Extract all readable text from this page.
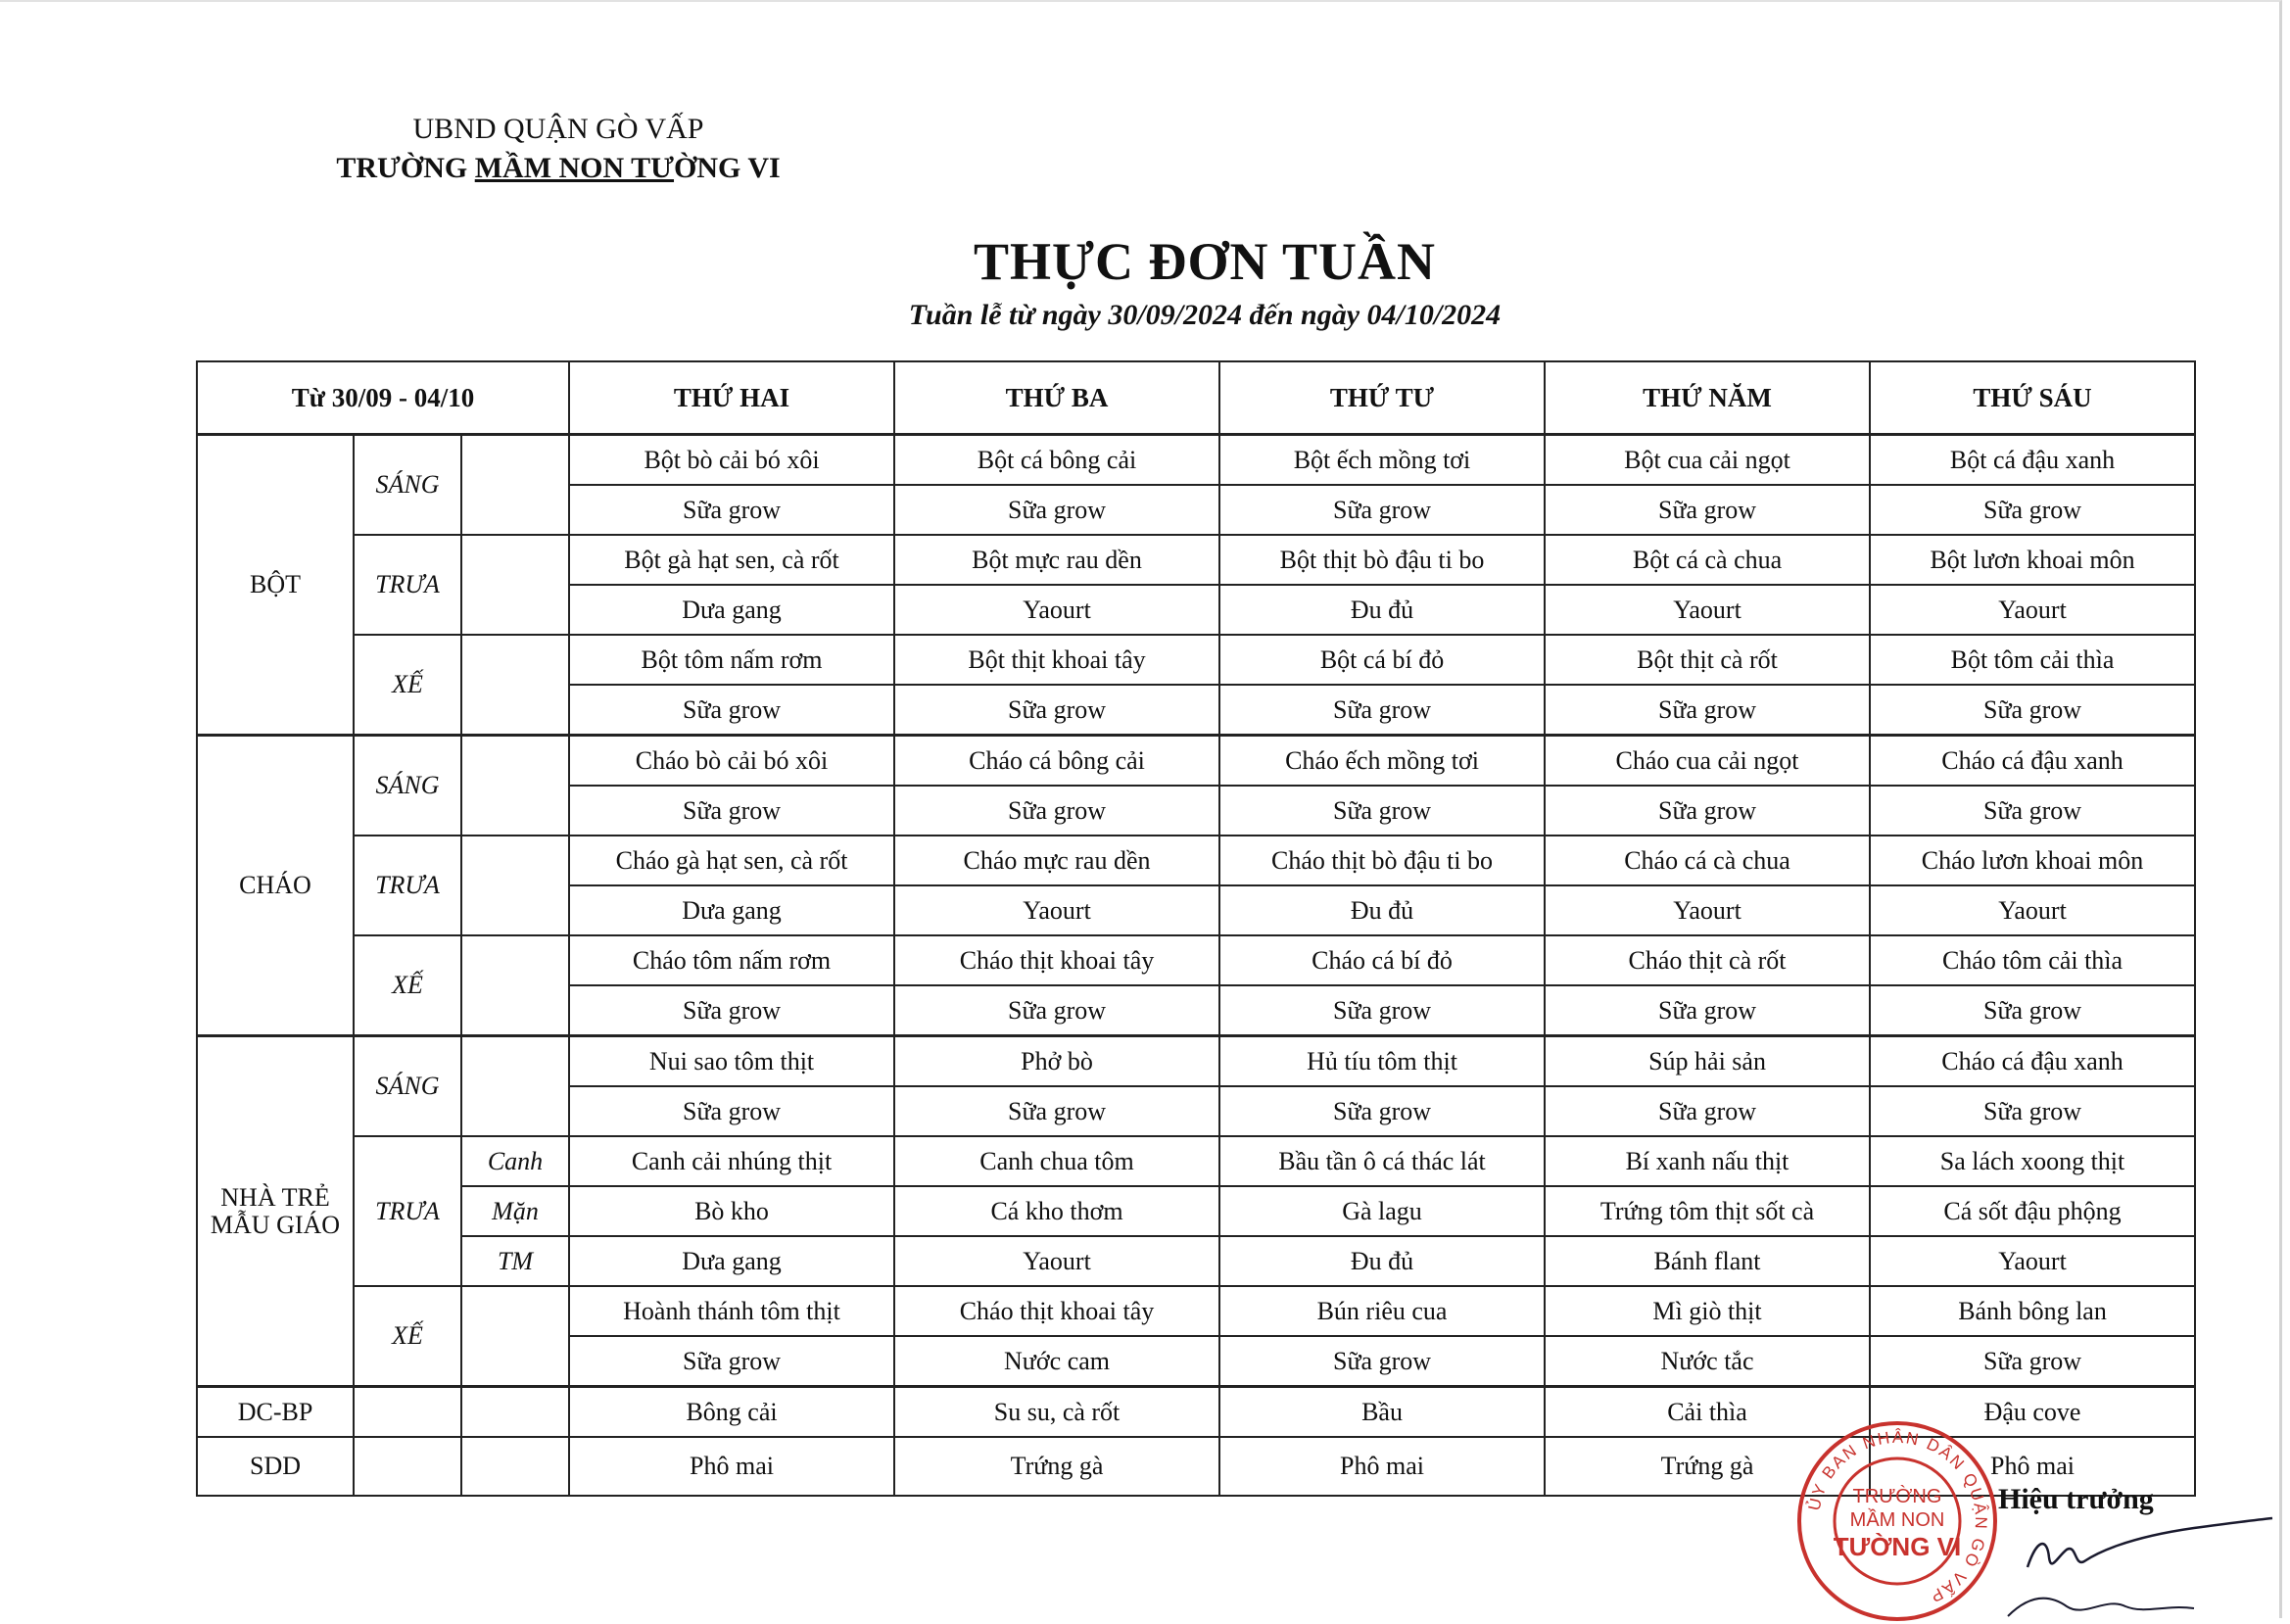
UBND QUẬN GÒ VẤP
TRƯỜNG MẦM NON TƯỜNG VI
THỰC ĐƠN TUẦN
Tuần lễ từ ngày 30/09/2024 đến ngày 04/10/2024
Từ 30/09 - 04/10			THỨ HAI	THỨ BA	THỨ TƯ	THỨ NĂM	THỨ SÁU
BỘT	SÁNG		Bột bò cải bó xôi	Bột cá bông cải	Bột ếch mồng tơi	Bột cua cải ngọt	Bột cá đậu xanh
			Sữa grow	Sữa grow	Sữa grow	Sữa grow	Sữa grow
	TRƯA		Bột gà hạt sen, cà rốt	Bột mực rau dền	Bột thịt bò đậu ti bo	Bột cá cà chua	Bột lươn khoai môn
			Dưa gang	Yaourt	Đu đủ	Yaourt	Yaourt
	XẾ		Bột tôm nấm rơm	Bột thịt khoai tây	Bột cá bí đỏ	Bột thịt cà rốt	Bột tôm cải thìa
			Sữa grow	Sữa grow	Sữa grow	Sữa grow	Sữa grow
CHÁO	SÁNG		Cháo bò cải bó xôi	Cháo cá bông cải	Cháo ếch mồng tơi	Cháo cua cải ngọt	Cháo cá đậu xanh
			Sữa grow	Sữa grow	Sữa grow	Sữa grow	Sữa grow
	TRƯA		Cháo gà hạt sen, cà rốt	Cháo mực rau dền	Cháo thịt bò đậu ti bo	Cháo cá cà chua	Cháo lươn khoai môn
			Dưa gang	Yaourt	Đu đủ	Yaourt	Yaourt
	XẾ		Cháo tôm nấm rơm	Cháo thịt khoai tây	Cháo cá bí đỏ	Cháo thịt cà rốt	Cháo tôm cải thìa
			Sữa grow	Sữa grow	Sữa grow	Sữa grow	Sữa grow
NHÀ TRẺ
MẪU GIÁO	SÁNG		Nui sao tôm thịt	Phở bò	Hủ tíu tôm thịt	Súp hải sản	Cháo cá đậu xanh
			Sữa grow	Sữa grow	Sữa grow	Sữa grow	Sữa grow
	TRƯA	Canh	Canh cải nhúng thịt	Canh chua tôm	Bầu tần ô cá thác lát	Bí xanh nấu thịt	Sa lách xoong thịt
		Mặn	Bò kho	Cá kho thơm	Gà lagu	Trứng tôm thịt sốt cà	Cá sốt đậu phộng
		TM	Dưa gang	Yaourt	Đu đủ	Bánh flant	Yaourt
	XẾ		Hoành thánh tôm thịt	Cháo thịt khoai tây	Bún riêu cua	Mì giò thịt	Bánh bông lan
			Sữa grow	Nước cam	Sữa grow	Nước tắc	Sữa grow
DC-BP			Bông cải	Su su, cà rốt	Bầu	Cải thìa	Đậu cove
SDD			Phô mai	Trứng gà	Phô mai	Trứng gà	Phô mai
ỦY BAN NHÂN DÂN QUẬN GÒ VẤP
TRƯỜNG
MẦM NON
TƯỜNG VI
Hiệu trưởng
